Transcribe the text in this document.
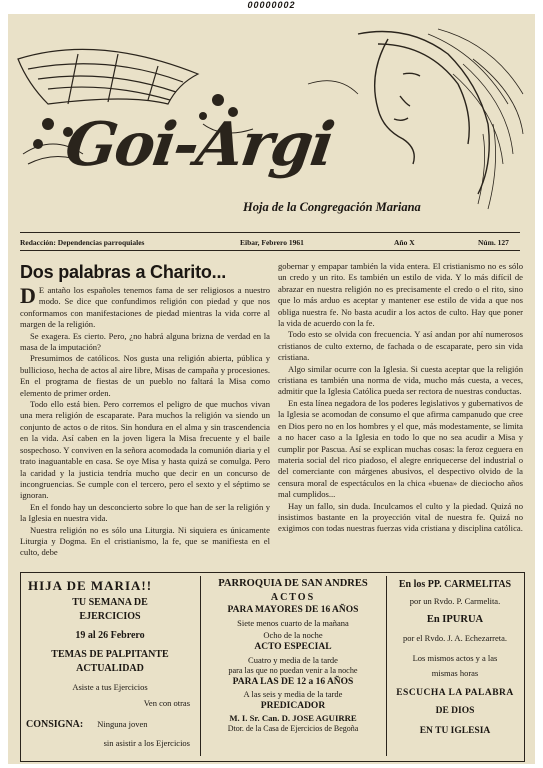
00000002
Goi-Argi
Hoja de la Congregación Mariana
Redacción: Dependencias parroquiales	Eibar, Febrero 1961	Año X	Núm. 127
Dos palabras a Charito...

D E antaño los españoles tenemos fama de ser religiosos a nuestro modo. Se dice que confundimos religión con piedad y que nos conformamos con manifestaciones de piedad mientras la vida corre al margen de la religión.

Se exagera. Es cierto. Pero, ¿no habrá alguna brizna de verdad en la masa de la imputación?

Presumimos de católicos. Nos gusta una religión abierta, pública y bullicioso, hecha de actos al aire libre, Misas de campaña y procesiones. En el programa de fiestas de un pueblo no faltará la Misa como elemento de primer orden.

Todo ello está bien. Pero corremos el peligro de que muchos vivan una mera religión de escaparate. Para muchos la religión va siendo un conjunto de actos o de ritos. Sin hondura en el alma y sin trascendencia en la vida. Así caben en la joven ligera la Misa frecuente y el baile sospechoso. Y conviven en la señora acomodada la comunión diaria y el trato inaguantable en casa. Se oye Misa y hasta quizá se comulga. Pero la caridad y la justicia tendría mucho que decir en un concurso de incongruencias. Se cumple con el tercero, pero el sexto y el séptimo se ignoran.

En el fondo hay un desconcierto sobre lo que han de ser la religión y la Iglesia en nuestra vida.

Nuestra religión no es sólo una Liturgia. Ni siquiera es únicamente Liturgia y Dogma. En el cristianismo, la fe, que se manifiesta en el culto, debe

gobernar y empapar también la vida entera. El cristianismo no es sólo un credo y un rito. Es también un estilo de vida. Y lo más difícil de abrazar en nuestra religión no es precisamente el credo o el rito, sino que lo más arduo es aceptar y mantener ese estilo de vida a que nos obliga nuestra fe. No basta acudir a los actos de culto. Hay que poner la vida de acuerdo con la fe.

Todo esto se olvida con frecuencia. Y así andan por ahí numerosos cristianos de culto externo, de fachada o de escaparate, pero sin vida cristiana.

Algo similar ocurre con la Iglesia. Si cuesta aceptar que la religión cristiana es también una norma de vida, mucho más cuesta, a veces, admitir que la Iglesia Católica pueda ser rectora de nuestras conductas.

En esta línea negadora de los poderes legislativos y gubernativos de la Iglesia se acomodan de consumo el que afirma campanudo que cree en Dios pero no en los hombres y el que, más modestamente, se limita a no hacer caso a la Iglesia en todo lo que no sea acudir a Misa y cumplir por Pascua. Así se explican muchas cosas: la feroz ceguera en materia social del rico piadoso, el alegre enriquecerse del industrial o del comerciante con márgenes abusivos, el despectivo olvido de la censura moral de espectáculos en la chica «buena» de dieciocho años mal cumplidos...

Hay un fallo, sin duda. Inculcamos el culto y la piedad. Quizá no insistimos bastante en la proyección vital de nuestra fe. Quizá no exigimos con todas nuestras fuerzas vida cristiana y disciplina católica.

HIJA DE MARIA!!
TU SEMANA DE
EJERCICIOS
19 al 26 Febrero
TEMAS DE PALPITANTE
ACTUALIDAD
Asiste a tus Ejercicios
Ven con otras
CONSIGNA: Ninguna joven
sin asistir a los Ejercicios
PARROQUIA DE SAN ANDRES
ACTOS
PARA MAYORES DE 16 AÑOS
Siete menos cuarto de la mañana
Ocho de la noche
ACTO ESPECIAL
Cuatro y media de la tarde
para las que no puedan venir a la noche
PARA LAS DE 12 a 16 AÑOS
A las seis y media de la tarde
PREDICADOR
M. I. Sr. Can. D. JOSE AGUIRRE
Dtor. de la Casa de Ejercicios de Begoña
En los PP. CARMELITAS
por un Rvdo. P. Carmelita.
En IPURUA
por el Rvdo. J. A. Echezarreta.
Los mismos actos y a las
mismas horas
ESCUCHA LA PALABRA
DE DIOS
EN TU IGLESIA
